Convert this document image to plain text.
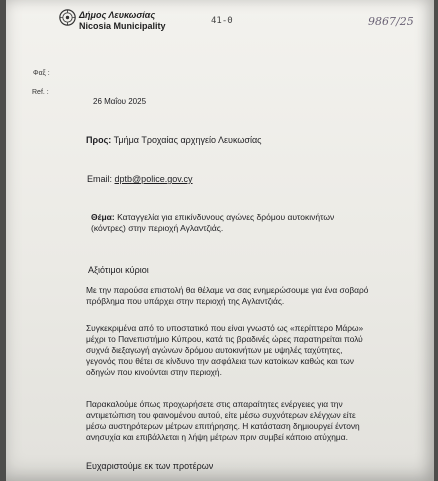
Δήμος Λευκωσίας
Nicosia Municipality	41-0	9867/25
Φαξ :
Ref. :
26 Μαΐου 2025
Προς: Τμήμα Τροχαίας αρχηγείο Λευκωσίας
Email: dptb@police.gov.cy
Θέμα: Καταγγελία για επικίνδυνους αγώνες δρόμου αυτοκινήτων
(κόντρες) στην περιοχή Αγλαντζιάς.
Αξιότιμοι κύριοι
Με την παρούσα επιστολή θα θέλαμε να σας ενημερώσουμε για ένα σοβαρό
πρόβλημα που υπάρχει στην περιοχή της Αγλαντζιάς.
Συγκεκριμένα από το υποστατικό που είναι γνωστό ως «περίπτερο Μάρω»
μέχρι το Πανεπιστήμιο Κύπρου, κατά τις βραδινές ώρες παρατηρείται πολύ
συχνά διεξαγωγή αγώνων δρόμου αυτοκινήτων με υψηλές ταχύτητες,
γεγονός που θέτει σε κίνδυνο την ασφάλεια των κατοίκων καθώς και των
οδηγών που κινούνται στην περιοχή.
Παρακαλούμε όπως προχωρήσετε στις απαραίτητες ενέργειες για την
αντιμετώπιση του φαινομένου αυτού, είτε μέσω συχνότερων ελέγχων είτε
μέσω αυστηρότερων μέτρων επιτήρησης. Η κατάσταση δημιουργεί έντονη
ανησυχία και επιβάλλεται η λήψη μέτρων πριν συμβεί κάποιο ατύχημα.
Ευχαριστούμε εκ των προτέρων
